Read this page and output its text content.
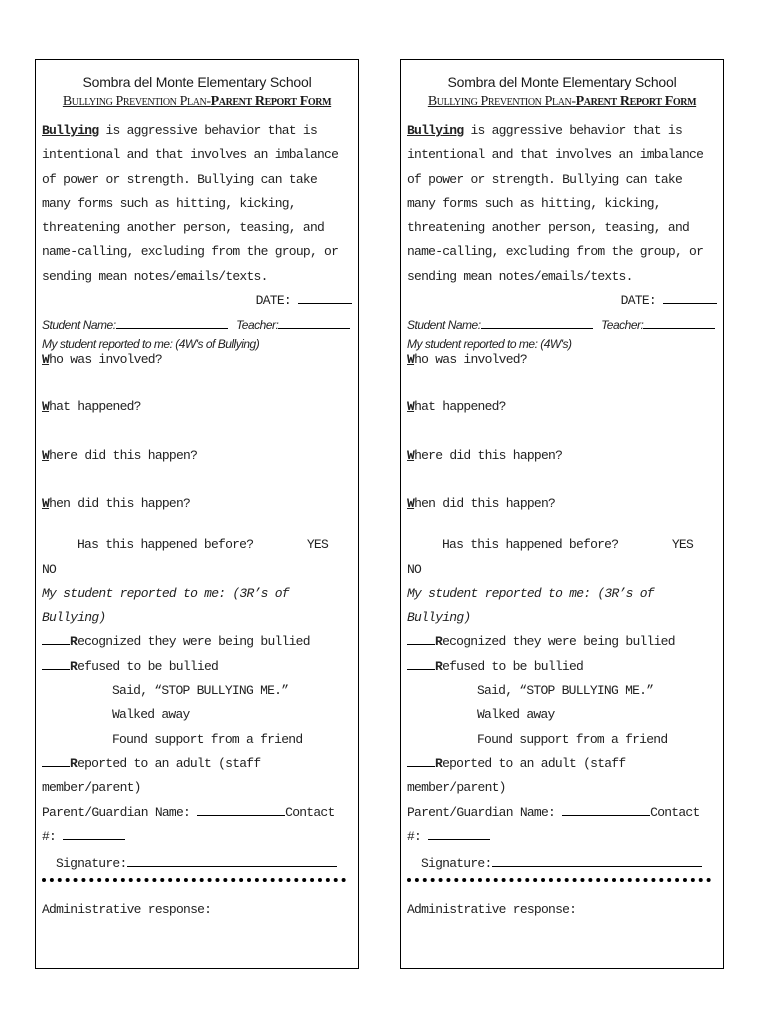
Sombra del Monte Elementary School
Bullying Prevention Plan-Parent Report Form
Bullying is aggressive behavior that is intentional and that involves an imbalance of power or strength. Bullying can take many forms such as hitting, kicking, threatening another person, teasing, and name-calling, excluding from the group, or sending mean notes/emails/texts.
DATE:
Student Name:	Teacher:
My student reported to me: (4W's of Bullying)
Who was involved?
What happened?
Where did this happen?
When did this happen?
Has this happened before?	YES
NO
My student reported to me: (3R’s of Bullying)
Recognized they were being bullied
Refused to be bullied
Said, “STOP BULLYING ME.”
Walked away
Found support from a friend
Reported to an adult (staff member/parent)
Parent/Guardian Name:	Contact #:
Signature:
Administrative response:
Sombra del Monte Elementary School
Bullying Prevention Plan-Parent Report Form
Bullying is aggressive behavior that is intentional and that involves an imbalance of power or strength. Bullying can take many forms such as hitting, kicking, threatening another person, teasing, and name-calling, excluding from the group, or sending mean notes/emails/texts.
DATE:
Student Name:	Teacher:
My student reported to me: (4W's)
Who was involved?
What happened?
Where did this happen?
When did this happen?
Has this happened before?	YES
NO
My student reported to me: (3R’s of Bullying)
Recognized they were being bullied
Refused to be bullied
Said, “STOP BULLYING ME.”
Walked away
Found support from a friend
Reported to an adult (staff member/parent)
Parent/Guardian Name:	Contact #:
Signature:
Administrative response:
